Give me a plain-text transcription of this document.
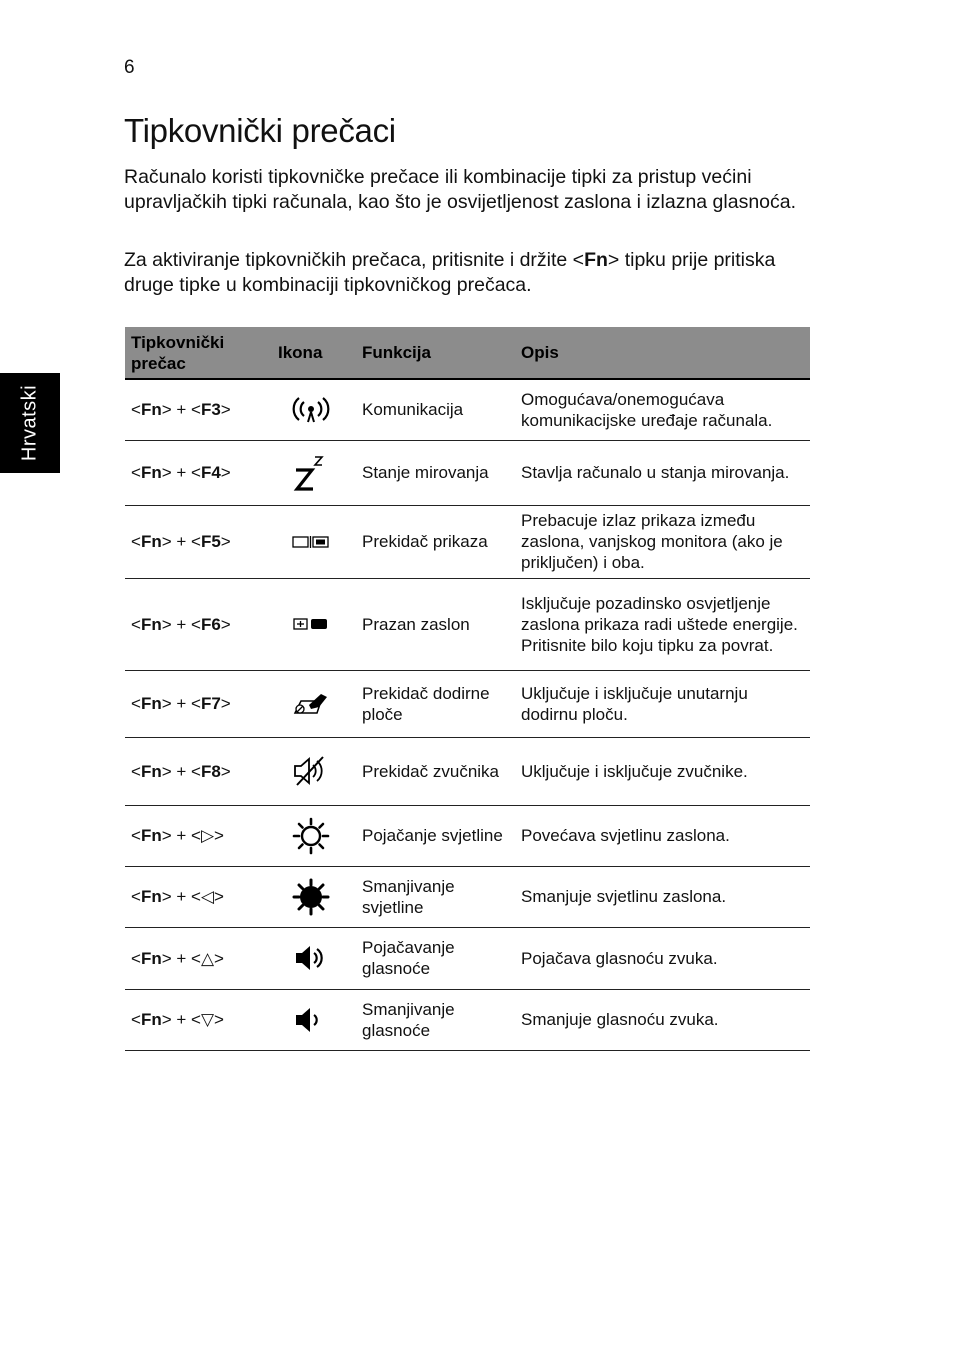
6
Hrvatski
Tipkovnički prečaci

Računalo koristi tipkovničke prečace ili kombinacije tipki za pristup većini upravljačkih tipki računala, kao što je osvijetljenost zaslona i izlazna glasnoća.

Za aktiviranje tipkovničkih prečaca, pritisnite i držite <Fn> tipku prije pritiska druge tipke u kombinaciji tipkovničkog prečaca.

Tipkovnički prečac	Ikona	Funkcija	Opis
<Fn> + <F3>		Komunikacija	Omogućava/onemogućava komunikacijske uređaje računala.
<Fn> + <F4>		Stanje mirovanja	Stavlja računalo u stanja mirovanja.
<Fn> + <F5>		Prekidač prikaza	Prebacuje izlaz prikaza između zaslona, vanjskog monitora (ako je priključen) i oba.
<Fn> + <F6>		Prazan zaslon	Isključuje pozadinsko osvjetljenje zaslona prikaza radi uštede energije. Pritisnite bilo koju tipku za povrat.
<Fn> + <F7>		Prekidač dodirne ploče	Uključuje i isključuje unutarnju dodirnu ploču.
<Fn> + <F8>		Prekidač zvučnika	Uključuje i isključuje zvučnike.
<Fn> + <▷>		Pojačanje svjetline	Povećava svjetlinu zaslona.
<Fn> + <◁>		Smanjivanje svjetline	Smanjuje svjetlinu zaslona.
<Fn> + <△>		Pojačavanje glasnoće	Pojačava glasnoću zvuka.
<Fn> + <▽>		Smanjivanje glasnoće	Smanjuje glasnoću zvuka.
